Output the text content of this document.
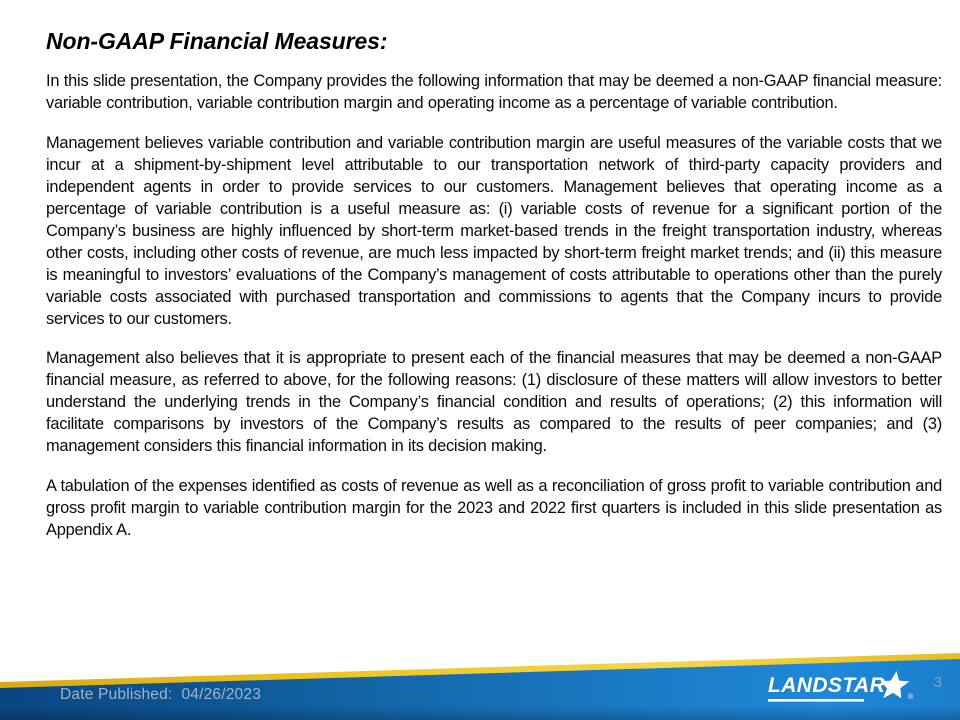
Non-GAAP Financial Measures:

In this slide presentation, the Company provides the following information that may be deemed a non-GAAP financial measure: variable contribution, variable contribution margin and operating income as a percentage of variable contribution.

Management believes variable contribution and variable contribution margin are useful measures of the variable costs that we incur at a shipment-by-shipment level attributable to our transportation network of third-party capacity providers and independent agents in order to provide services to our customers. Management believes that operating income as a percentage of variable contribution is a useful measure as: (i) variable costs of revenue for a significant portion of the Company’s business are highly influenced by short-term market-based trends in the freight transportation industry, whereas other costs, including other costs of revenue, are much less impacted by short-term freight market trends; and (ii) this measure is meaningful to investors’ evaluations of the Company’s management of costs attributable to operations other than the purely variable costs associated with purchased transportation and commissions to agents that the Company incurs to provide services to our customers.

Management also believes that it is appropriate to present each of the financial measures that may be deemed a non-GAAP financial measure, as referred to above, for the following reasons: (1) disclosure of these matters will allow investors to better understand the underlying trends in the Company’s financial condition and results of operations; (2) this information will facilitate comparisons by investors of the Company’s results as compared to the results of peer companies; and (3) management considers this financial information in its decision making.

A tabulation of the expenses identified as costs of revenue as well as a reconciliation of gross profit to variable contribution and gross profit margin to variable contribution margin for the 2023 and 2022 first quarters is included in this slide presentation as Appendix A.

Date Published:  04/26/2023	LANDSTAR
®
3
